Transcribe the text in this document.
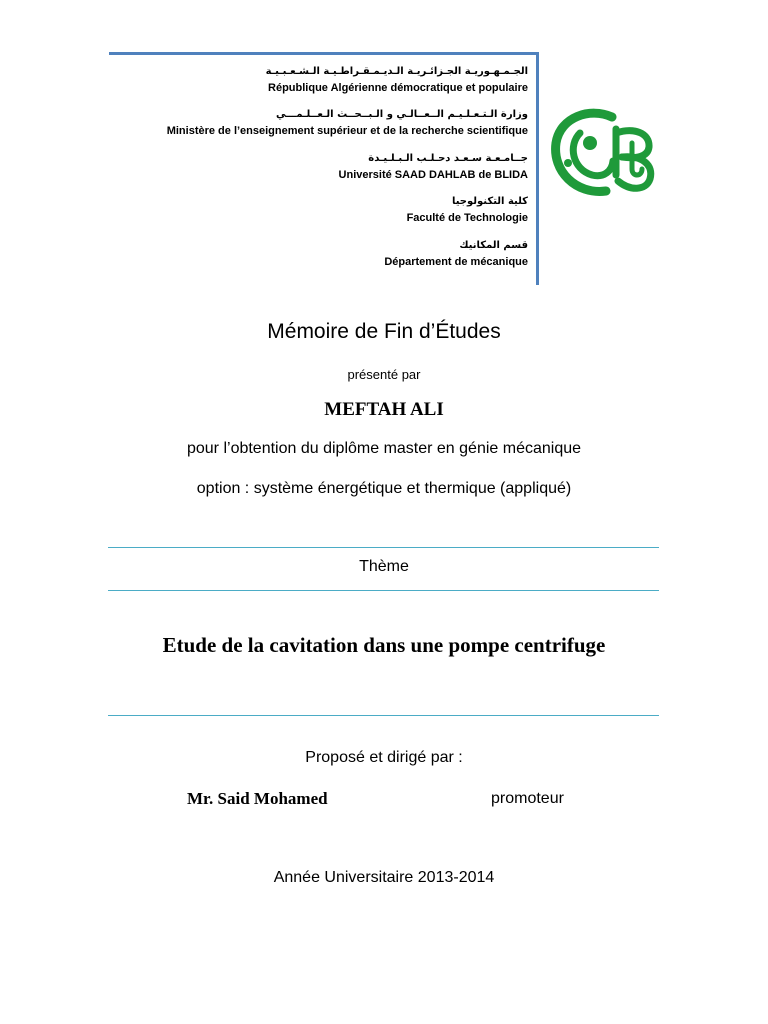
الجـمـهـوريـة الجـزائـريـة الـديـمـقـراطـيـة الـشـعـبـيـة
République Algérienne démocratique et populaire
وزارة الـتـعـلـيـم الــعــالـي و الـبــحــث الـعــلـمـــي
Ministère de l’enseignement supérieur et de la recherche scientifique
جــامـعـة سـعـد دحـلـب الـبـلـيـدة
Université SAAD DAHLAB de BLIDA
كلية التكنولوجيا
Faculté de Technologie
قسم المكانيك
Département de mécanique
Mémoire de Fin d’Études
présenté par
MEFTAH ALI
pour l’obtention du diplôme master en génie mécanique
option : système énergétique et thermique (appliqué)
Thème
Etude de la cavitation dans une pompe centrifuge
Proposé et dirigé par :
Mr. Said Mohamed	promoteur
Année Universitaire 2013-2014
